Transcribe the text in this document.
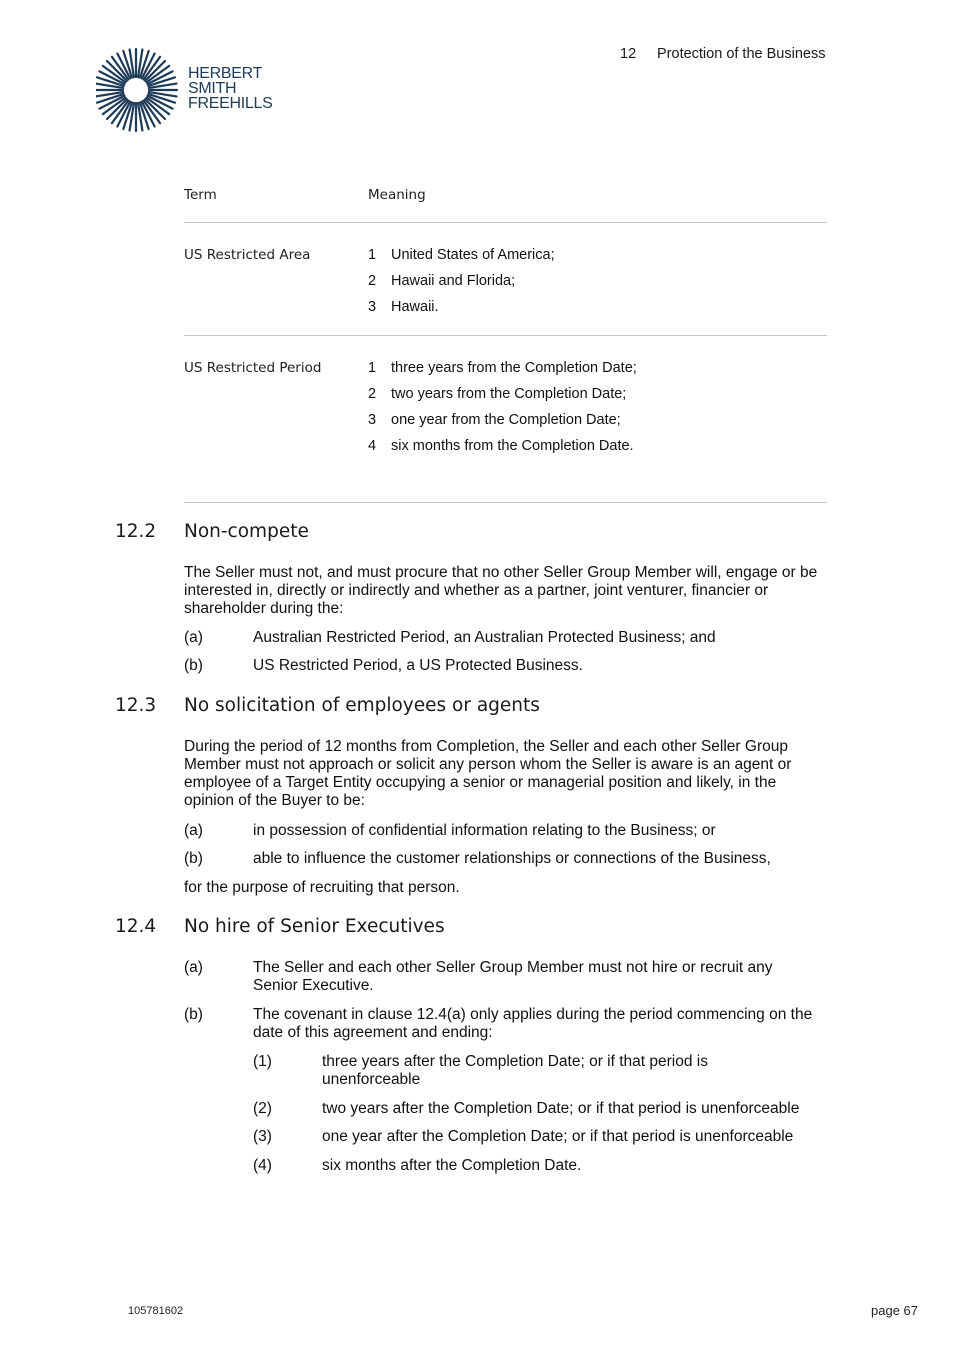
HERBERT
SMITH
FREEHILLS
12 Protection of the Business
Term	Meaning
US Restricted Area	1 United States of America;
2 Hawaii and Florida;
3 Hawaii.
US Restricted Period	1 three years from the Completion Date;
2 two years from the Completion Date;
3 one year from the Completion Date;
4 six months from the Completion Date.
12.2 Non-compete
The Seller must not, and must procure that no other Seller Group Member will, engage or be interested in, directly or indirectly and whether as a partner, joint venturer, financier or shareholder during the:
(a)	Australian Restricted Period, an Australian Protected Business; and
(b)	US Restricted Period, a US Protected Business.
12.3 No solicitation of employees or agents
During the period of 12 months from Completion, the Seller and each other Seller Group Member must not approach or solicit any person whom the Seller is aware is an agent or employee of a Target Entity occupying a senior or managerial position and likely, in the opinion of the Buyer to be:
(a)	in possession of confidential information relating to the Business; or
(b)	able to influence the customer relationships or connections of the Business,
for the purpose of recruiting that person.
12.4 No hire of Senior Executives
(a)	The Seller and each other Seller Group Member must not hire or recruit any Senior Executive.
(b)	The covenant in clause 12.4(a) only applies during the period commencing on the date of this agreement and ending:
(1)	three years after the Completion Date; or if that period is unenforceable
(2)	two years after the Completion Date; or if that period is unenforceable
(3)	one year after the Completion Date; or if that period is unenforceable
(4)	six months after the Completion Date.
105781602	page 67
